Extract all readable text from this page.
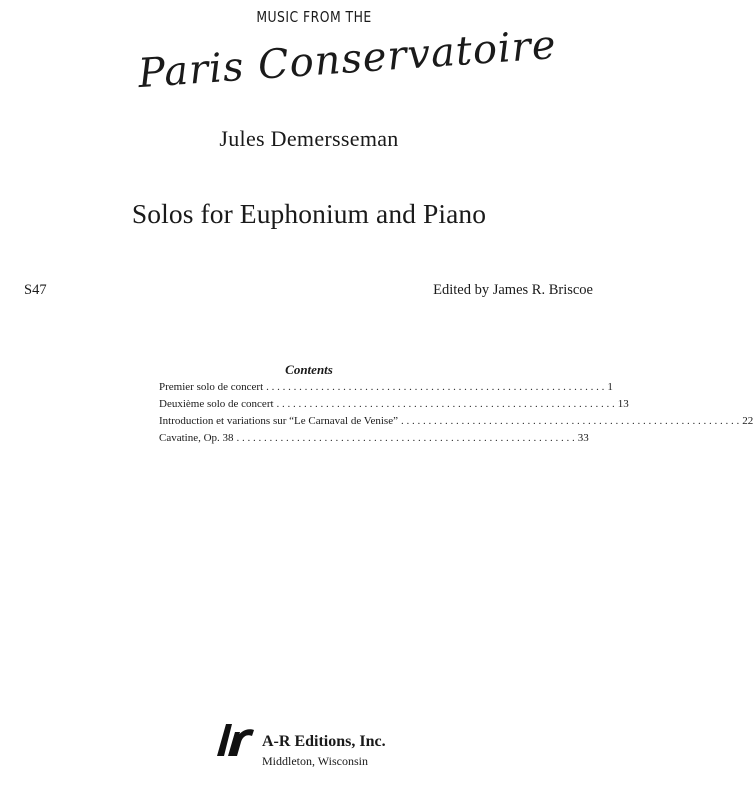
MUSIC FROM THE
Paris Conservatoire
Jules Demersseman
Solos for Euphonium and Piano
S47	Edited by James R. Briscoe
Contents
Premier solo de concert . . .	1
Deuxième solo de concert . . .	13
Introduction et variations sur “Le Carnaval de Venise” . . .	22
Cavatine, Op. 38 . . .	33
A-R Editions, Inc.
Middleton, Wisconsin
